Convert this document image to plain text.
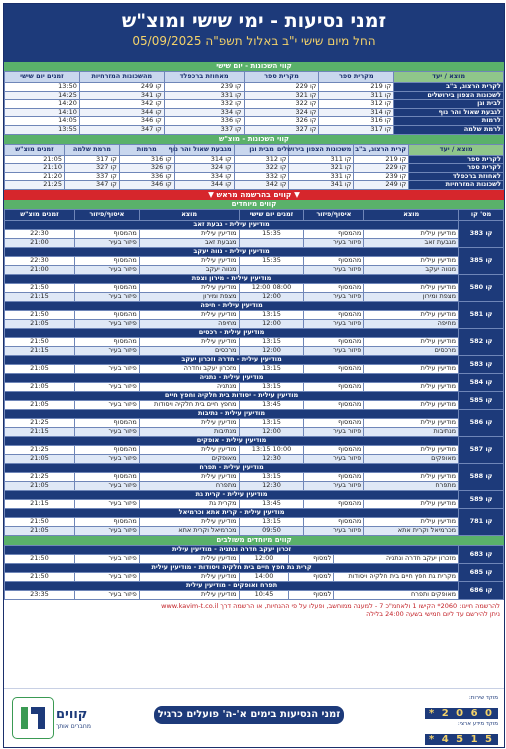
זמני נסיעות - ימי שישי ומוצ"ש
החל מיום שישי י"ב באלול תשפ"ה 05/09/2025
קווי השכונות - יום שישי
מוצא / יעד	מקרית ספר	מקרית ספר	מאחוזת ברכפלד	מהשכונות המזרחיות	זמנים יום שישי
לקרית הרצוג, ב"ב	קו 219	קו 229	קו 239	קו 249	13:50
לשכונות הצפון בירושלים	קו 311	קו 321	קו 331	קו 341	14:25
לבית וגן	קו 312	קו 322	קו 332	קו 342	14:20
לגבעת שאול והר נוף	קו 314	קו 324	קו 334	קו 344	14:10
לרמות	קו 316	קו 326	קו 336	קו 346	14:05
לרמת שלמה	קו 317	קו 327	קו 337	קו 347	13:55
קווי השכונות - מוצ"ש
מוצא / יעד	קרית הרצוג, ב"ב	משכונות הצפון בירושלים	מבית וגן	מגבעת שאול והר נוף	מרמות	מרמת שלמה	זמנים מוצ"ש
לקרית ספר	קו 219	קו 311	קו 312	קו 314	קו 316	קו 317	21:05
לקרית ספר	קו 229	קו 321	קו 322	קו 324	קו 326	קו 327	21:10
לאחוזת ברכפלד	קו 239	קו 331	קו 332	קו 334	קו 336	קו 337	21:20
לשכונות המזרחיות	קו 249	קו 341	קו 342	קו 344	קו 346	קו 347	21:25
▼ קווים בהרשמה מראש ▼
קווים מיוחדים
מס' קו	מוצא	איסוף/פיזור	זמנים יום שישי	מוצא	איסוף/פיזור	זמנים מוצ"ש
קו 383	מודיעין עילית - גבעת זאב					
	מודיעין עילית	מהמסוף	15:35	מודיעין עילית	מהמסוף	22:30
	מגבעת זאב	פיזור בעיר		מגבעת זאב	פיזור בעיר	21:00
קו 385	מודיעין עילית - נווה יעקב					
	מודיעין עילית	מהמסוף	15:35	מודיעין עילית	מהמסוף	22:30
	מנווה יעקב	פיזור בעיר		מנווה יעקב	פיזור בעיר	21:00
קו 580	מודיעין עילית - מירון וצפת					
	מודיעין עילית	מהמסוף	08:00 12:00	מודיעין עילית	מהמסוף	21:50
	מצפת ומירון	פיזור בעיר	12:00	מצפת ומירון	פיזור בעיר	21:15
קו 581	מודיעין עילית - חיפה					
	מודיעין עילית	מהמסוף	13:15	מודיעין עילית	מהמסוף	21:50
	מחיפה	פיזור בעיר	12:00	מחיפה	פיזור בעיר	21:05
קו 582	מודיעין עילית - רכסים					
	מודיעין עילית	מהמסוף	13:15	מודיעין עילית	מהמסוף	21:50
	מרכסים	פיזור בעיר	12:00	מרכסים	פיזור בעיר	21:15
קו 583	מודיעין עילית - חדרה וזכרון יעקב					
	מודיעין עילית	מהמסוף	13:15	מזכרון יעקב וחדרה	פיזור בעיר	21:05
קו 584	מודיעין עילית - נתניה					
	מודיעין עילית	מהמסוף	13:15	מנתניה	פיזור בעיר	21:05
קו 585	מודיעין עילית - יסודות בית חלקיה וחפץ חיים					
	מודיעין עילית	מהמסוף	13:45	מחפץ חיים בית חלקיה ויסודות	פיזור בעיר	21:05
קו 586	מודיעין עילית - נתיבות					
	מודיעין עילית	מהמסוף	13:15	מודיעין עילית	מהמסוף	21:25
	מנתיבות	פיזור בעיר	12:00	מנתיבות	פיזור בעיר	21:15
קו 587	מודיעין עילית - אופקים					
	מודיעין עילית	מהמסוף	10:00 13:15	מודיעין עילית	מהמסוף	21:25
	מאופקים	פיזור בעיר	12:30	מאופקים	פיזור בעיר	21:05
קו 588	מודיעין עילית - תפרח					
	מודיעין עילית	מהמסוף	13:15	מודיעין עילית	מהמסוף	21:25
	מתפרח	פיזור בעיר	12:30	מתפרח	פיזור בעיר	21:05
קו 589	מודיעין עילית - קרית גת					
	מודיעין עילית	מהמסוף	13:45	מקרית גת	פיזור בעיר	21:15
קו 781	מודיעין עילית - קרית אתא וכרמיאל					
	מודיעין עילית	מהמסוף	13:15	מודיעין עילית	מהמסוף	21:50
	מכרמיאל וקרית אתא	פיזור בעיר	09:50	מכרמיאל וקרית אתא	פיזור בעיר	21:05
קווים מיוחדים משולבים
קו 683	זכרון יעקב חדרה ונתניה - מודיעין עילית					
	מזכרון יעקב חדרה ונתניה	למסוף	12:00	מודיעין עילית	פיזור בעיר	21:50
קו 685	קרית גת חפץ חיים בית חלקיה ויסודות - מודיעין עילית					
	מקרית גת חפץ חיים בית חלקיה ויסודות	למסוף	14:00	מודיעין עילית	פיזור בעיר	21:50
קו 686	תפרח ואופקים - מודיעין עילית					
	מאופקים ותפרח	למסוף	10:45	מודיעין עילית	פיזור בעיר	23:35
להרשמה חייגו: 2060* הקישו 1 ולאחמ"כ 7 - למענה ממוחשב, ופעלו על פי ההנחיות, או הרשמה דרך www.kavim-t.co.il
ניתן להירשם עד ליום חמישי בשעה 24:00 בלילה
קווים
מחברים אותך
זמני הנסיעות בימים א'-ה' פועלים כרגיל
מוקד שירות:
* 2 0 6 0
מוקד מידע ארצי:
* 4 5 1 5
